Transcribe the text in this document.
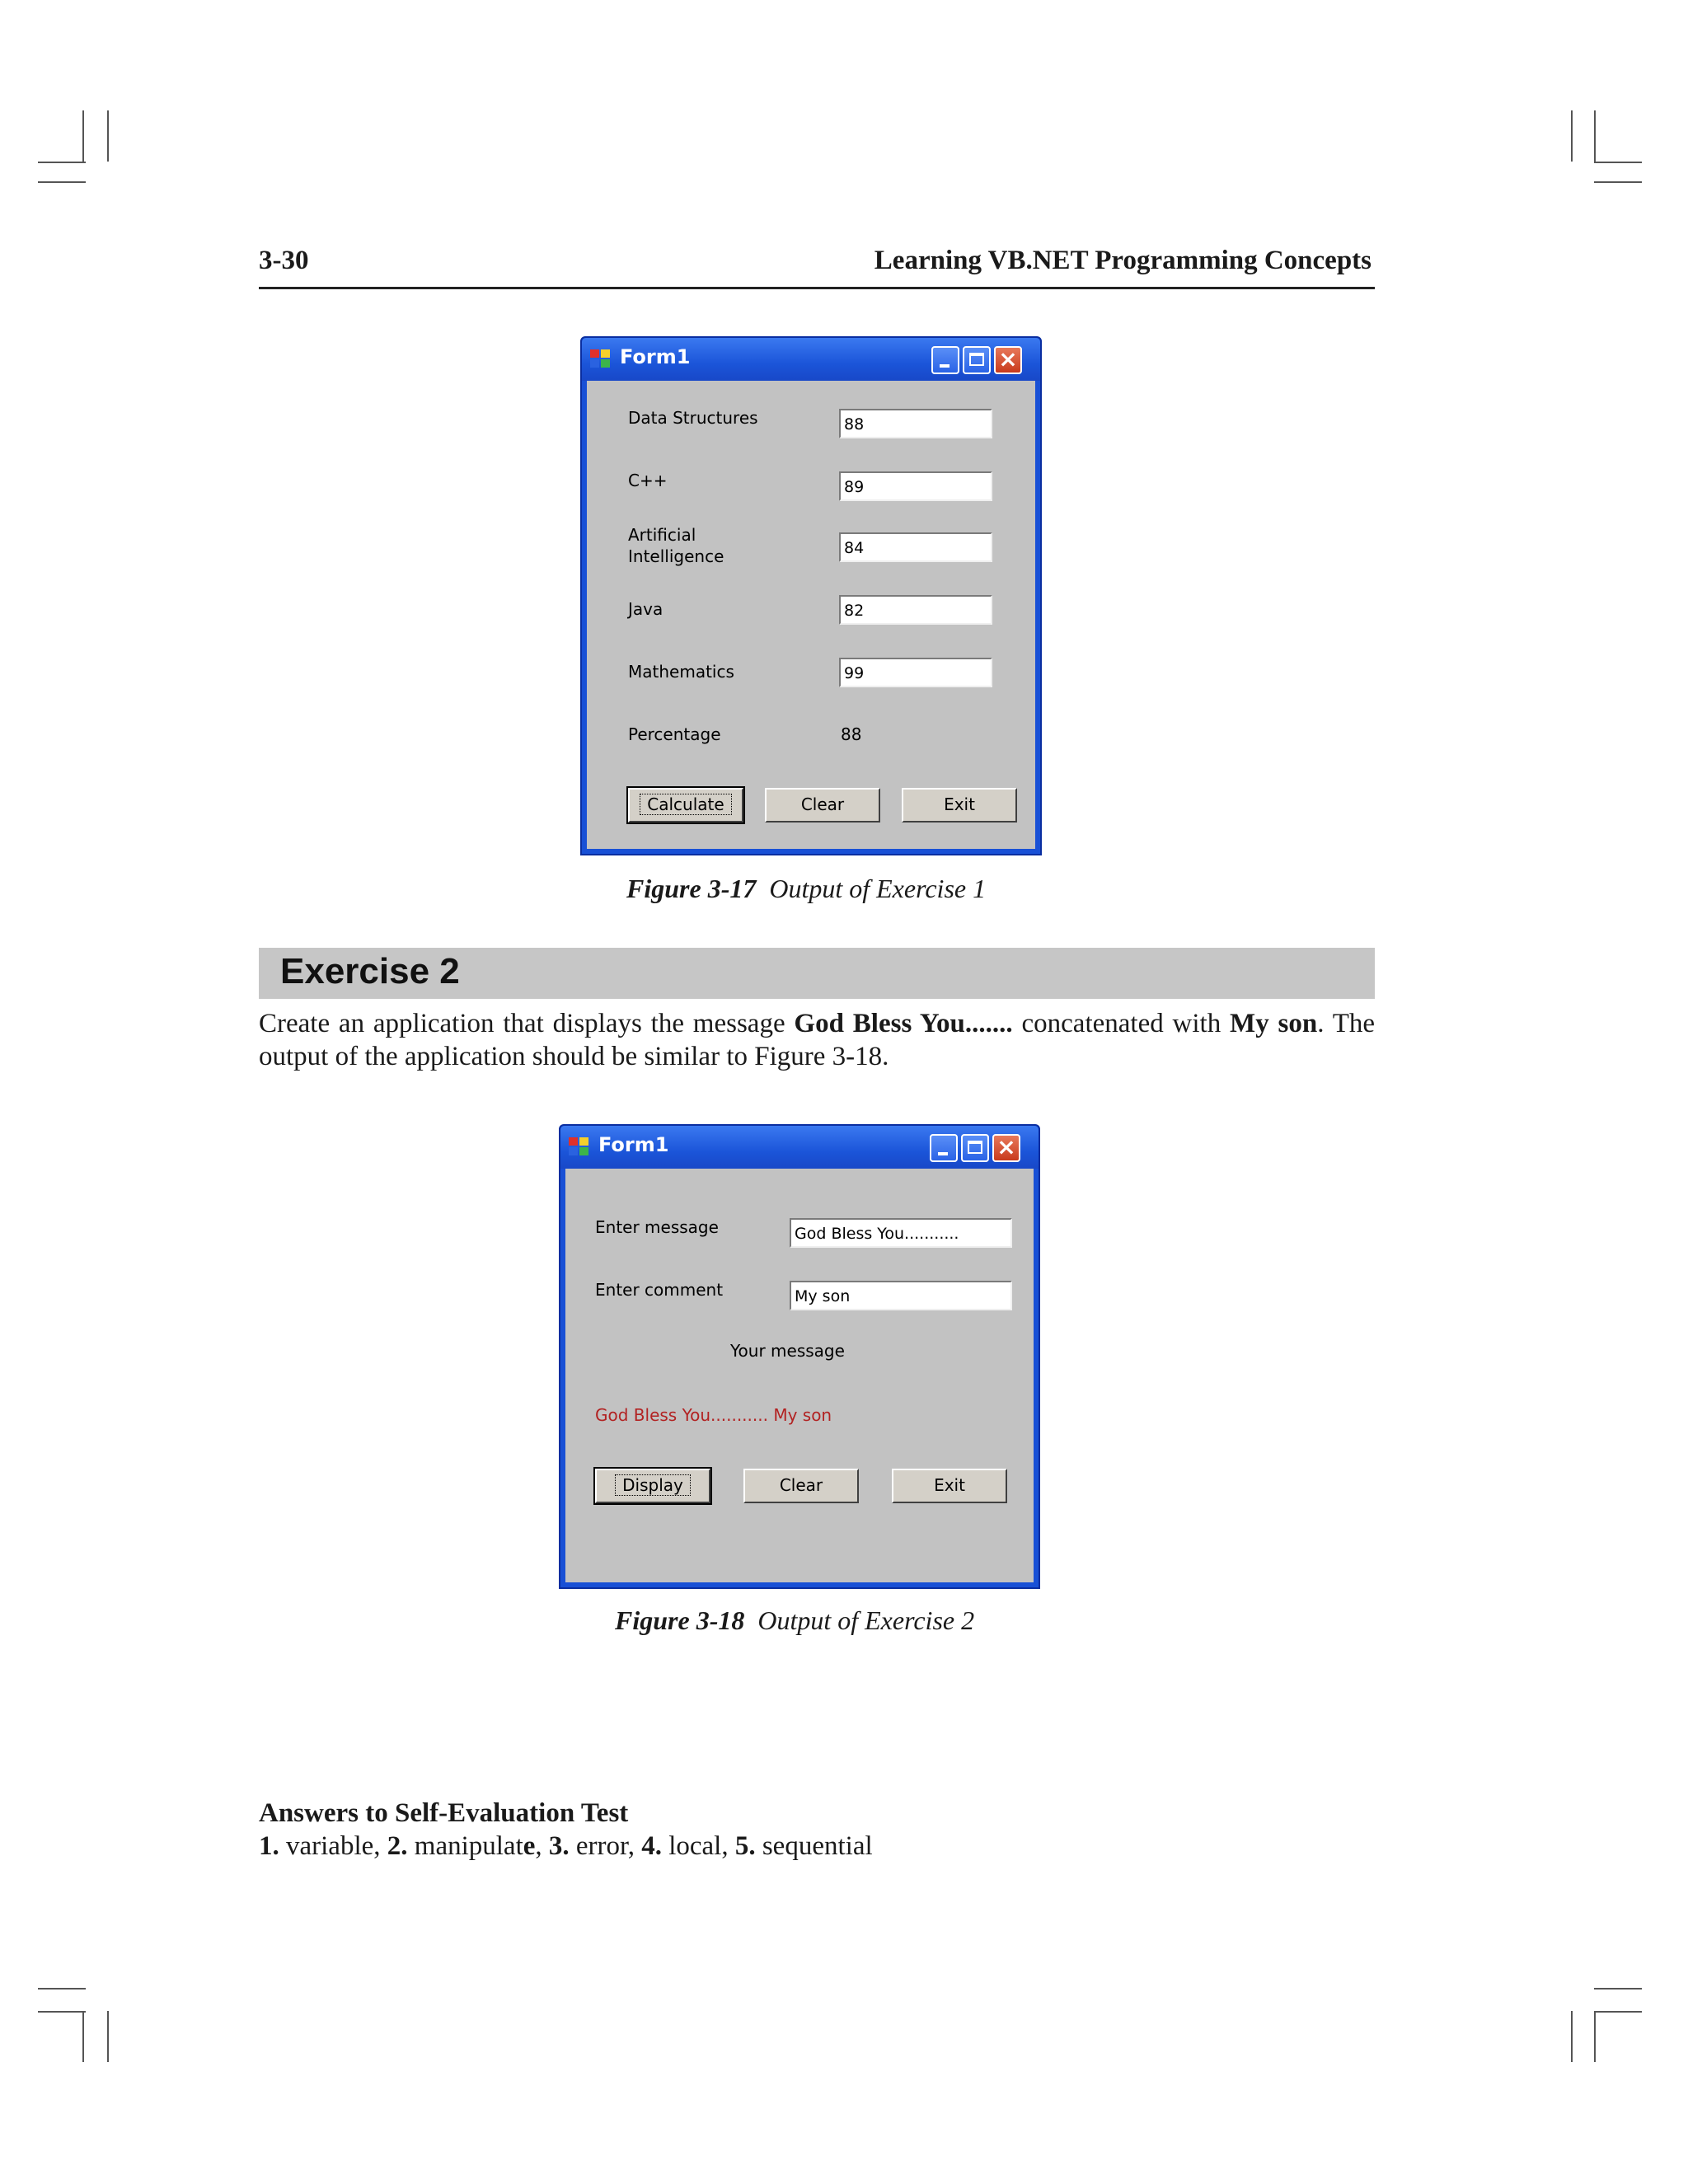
3-30	Learning VB.NET Programming Concepts
Form1	×
Data Structures	88
C++	89
Artificial
Intelligence	84
Java	82
Mathematics	99
Percentage	88
Calculate	Clear	Exit
Figure 3-17 Output of Exercise 1
Exercise 2
Create an application that displays the message God Bless You....... concatenated with My son. The output of the application should be similar to Figure 3-18.
Form1	×
Enter message	God Bless You...........
Enter comment	My son
Your message
God Bless You........... My son
Display	Clear	Exit
Figure 3-18 Output of Exercise 2
Answers to Self-Evaluation Test
1. variable, 2. manipulate, 3. error, 4. local, 5. sequential
